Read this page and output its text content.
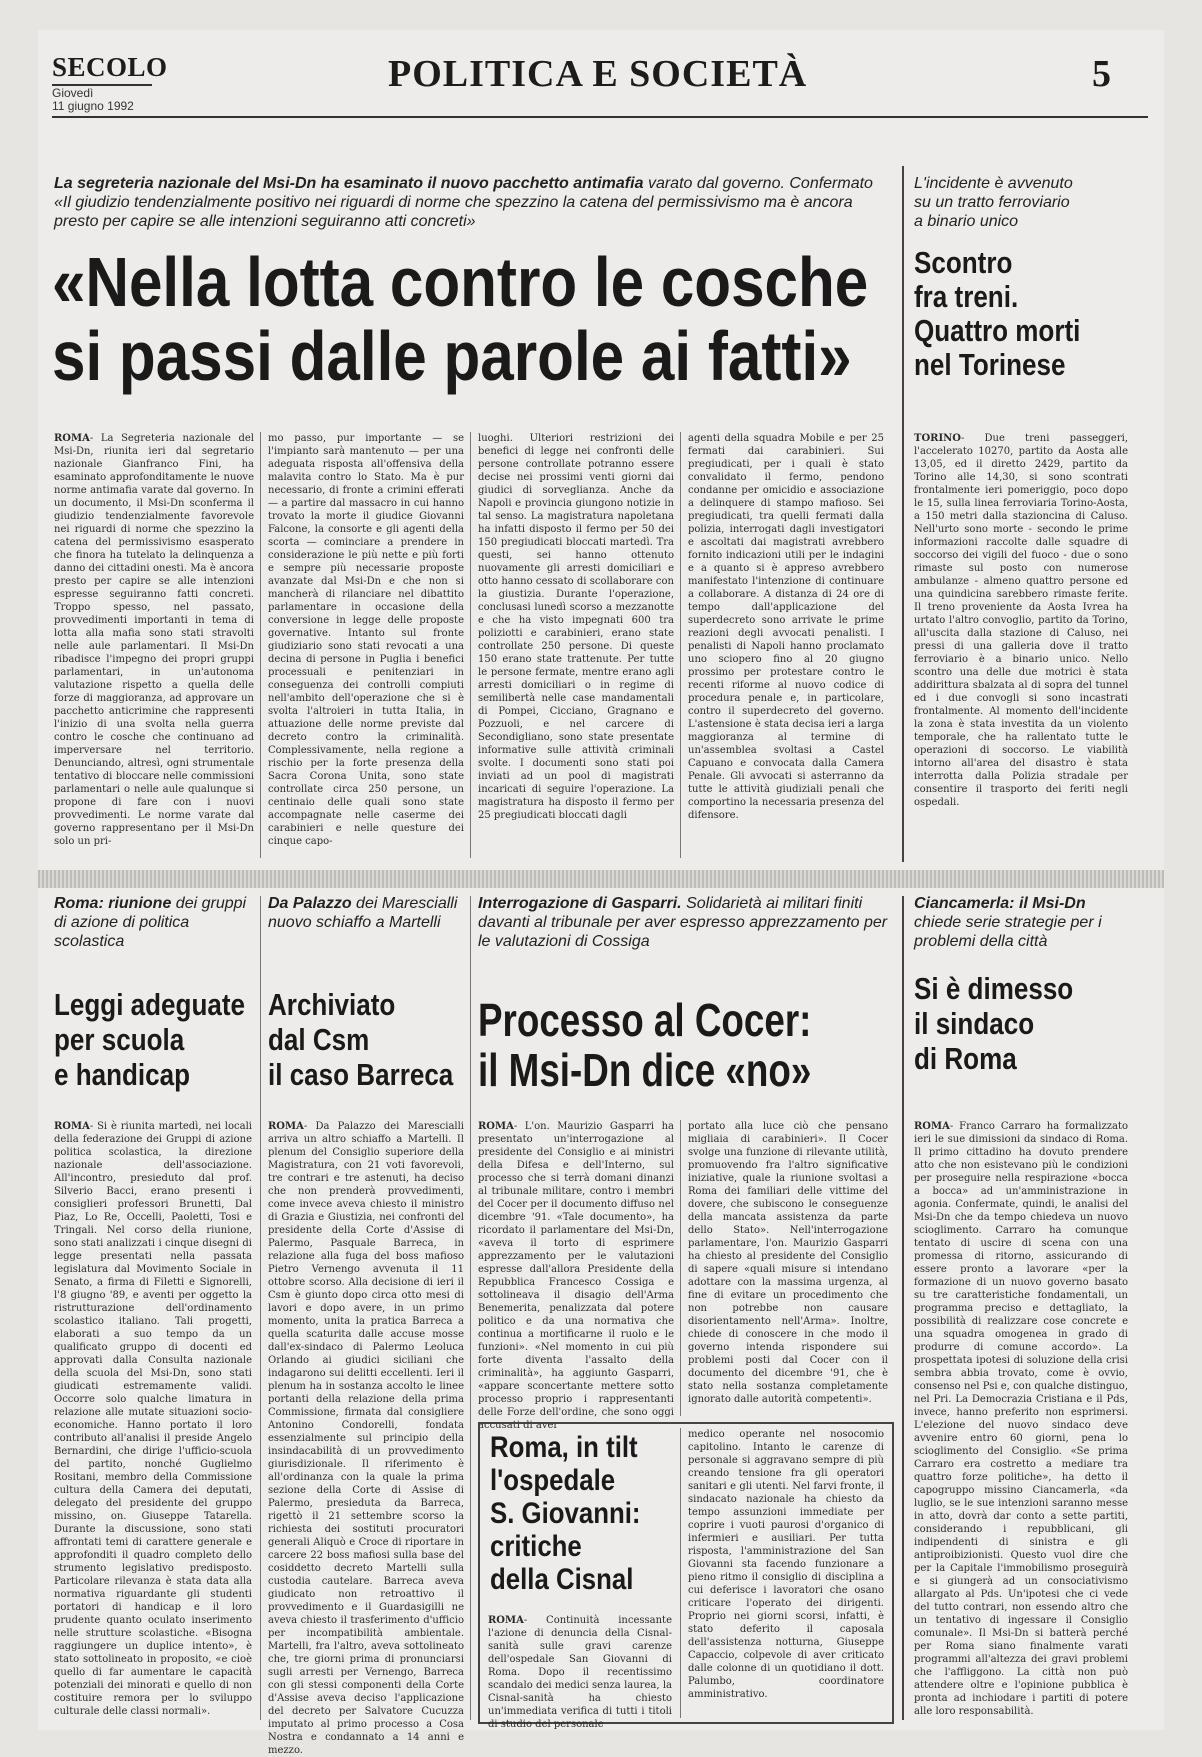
SECOLO
Giovedì
11 giugno 1992
POLITICA E SOCIETÀ	5
La segreteria nazionale del Msi-Dn ha esaminato il nuovo pacchetto antimafia varato dal governo. Confermato «Il giudizio tendenzialmente positivo nei riguardi di norme che spezzino la catena del permissivismo ma è ancora presto per capire se alle intenzioni seguiranno atti concreti»
«Nella lotta contro le cosche
si passi dalle parole ai fatti»
ROMA- La Segreteria nazionale del Msi-Dn, riunita ieri dal segretario nazionale Gianfranco Fini, ha esaminato approfonditamente le nuove norme antimafia varate dal governo. In un documento, il Msi-Dn sconferma il giudizio tendenzialmente favorevole nei riguardi di norme che spezzino la catena del permissivismo esasperato che finora ha tutelato la delinquenza a danno dei cittadini onesti. Ma è ancora presto per capire se alle intenzioni espresse seguiranno fatti concreti. Troppo spesso, nel passato, provvedimenti importanti in tema di lotta alla mafia sono stati stravolti nelle aule parlamentari. Il Msi-Dn ribadisce l'impegno dei propri gruppi parlamentari, in un'autonoma valutazione rispetto a quella delle forze di maggioranza, ad approvare un pacchetto anticrimine che rappresenti l'inizio di una svolta nella guerra contro le cosche che continuano ad imperversare nel territorio. Denunciando, altresì, ogni strumentale tentativo di bloccare nelle commissioni parlamentari o nelle aule qualunque si propone di fare con i nuovi provvedimenti. Le norme varate dal governo rappresentano per il Msi-Dn solo un pri-
mo passo, pur importante — se l'impianto sarà mantenuto — per una adeguata risposta all'offensiva della malavita contro lo Stato. Ma è pur necessario, di fronte a crimini efferati — a partire dal massacro in cui hanno trovato la morte il giudice Giovanni Falcone, la consorte e gli agenti della scorta — cominciare a prendere in considerazione le più nette e più forti e sempre più necessarie proposte avanzate dal Msi-Dn e che non si mancherà di rilanciare nel dibattito parlamentare in occasione della conversione in legge delle proposte governative. Intanto sul fronte giudiziario sono stati revocati a una decina di persone in Puglia i benefici processuali e penitenziari in conseguenza dei controlli compiuti nell'ambito dell'operazione che si è svolta l'altroieri in tutta Italia, in attuazione delle norme previste dal decreto contro la criminalità. Complessivamente, nella regione a rischio per la forte presenza della Sacra Corona Unita, sono state controllate circa 250 persone, un centinaio delle quali sono state accompagnate nelle caserme dei carabinieri e nelle questure dei cinque capo-
luoghi. Ulteriori restrizioni dei benefici di legge nei confronti delle persone controllate potranno essere decise nei prossimi venti giorni dai giudici di sorveglianza. Anche da Napoli e provincia giungono notizie in tal senso. La magistratura napoletana ha infatti disposto il fermo per 50 dei 150 pregiudicati bloccati martedì. Tra questi, sei hanno ottenuto nuovamente gli arresti domiciliari e otto hanno cessato di scollaborare con la giustizia. Durante l'operazione, conclusasi lunedì scorso a mezzanotte e che ha visto impegnati 600 tra poliziotti e carabinieri, erano state controllate 250 persone. Di queste 150 erano state trattenute. Per tutte le persone fermate, mentre erano agli arresti domiciliari o in regime di semilibertà nelle case mandamentali di Pompei, Cicciano, Gragnano e Pozzuoli, e nel carcere di Secondigliano, sono state presentate informative sulle attività criminali svolte. I documenti sono stati poi inviati ad un pool di magistrati incaricati di seguire l'operazione. La magistratura ha disposto il fermo per 25 pregiudicati bloccati dagli
agenti della squadra Mobile e per 25 fermati dai carabinieri. Sui pregiudicati, per i quali è stato convalidato il fermo, pendono condanne per omicidio e associazione a delinquere di stampo mafioso. Sei pregiudicati, tra quelli fermati dalla polizia, interrogati dagli investigatori e ascoltati dai magistrati avrebbero fornito indicazioni utili per le indagini e a quanto si è appreso avrebbero manifestato l'intenzione di continuare a collaborare. A distanza di 24 ore di tempo dall'applicazione del superdecreto sono arrivate le prime reazioni degli avvocati penalisti. I penalisti di Napoli hanno proclamato uno sciopero fino al 20 giugno prossimo per protestare contro le recenti riforme al nuovo codice di procedura penale e, in particolare, contro il superdecreto del governo. L'astensione è stata decisa ieri a larga maggioranza al termine di un'assemblea svoltasi a Castel Capuano e convocata dalla Camera Penale. Gli avvocati si asterranno da tutte le attività giudiziali penali che comportino la necessaria presenza del difensore.
L'incidente è avvenuto
su un tratto ferroviario
a binario unico
Scontro
fra treni.
Quattro morti
nel Torinese
TORINO- Due treni passeggeri, l'accelerato 10270, partito da Aosta alle 13,05, ed il diretto 2429, partito da Torino alle 14,30, si sono scontrati frontalmente ieri pomeriggio, poco dopo le 15, sulla linea ferroviaria Torino-Aosta, a 150 metri dalla stazioncina di Caluso. Nell'urto sono morte - secondo le prime informazioni raccolte dalle squadre di soccorso dei vigili del fuoco - due o sono rimaste sul posto con numerose ambulanze - almeno quattro persone ed una quindicina sarebbero rimaste ferite. Il treno proveniente da Aosta Ivrea ha urtato l'altro convoglio, partito da Torino, all'uscita dalla stazione di Caluso, nei pressi di una galleria dove il tratto ferroviario è a binario unico. Nello scontro una delle due motrici è stata addirittura sbalzata al di sopra del tunnel ed i due convogli si sono incastrati frontalmente. Al momento dell'incidente la zona è stata investita da un violento temporale, che ha rallentato tutte le operazioni di soccorso. Le viabilità intorno all'area del disastro è stata interrotta dalla Polizia stradale per consentire il trasporto dei feriti negli ospedali.
Roma: riunione dei gruppi di azione di politica scolastica
Leggi adeguate
per scuola
e handicap
ROMA- Si è riunita martedì, nei locali della federazione dei Gruppi di azione politica scolastica, la direzione nazionale dell'associazione. All'incontro, presieduto dal prof. Silverio Bacci, erano presenti i consiglieri professori Brunetti, Dal Piaz, Lo Re, Occelli, Paoletti, Tosi e Tringali. Nel corso della riunione, sono stati analizzati i cinque disegni di legge presentati nella passata legislatura dal Movimento Sociale in Senato, a firma di Filetti e Signorelli, l'8 giugno '89, e aventi per oggetto la ristrutturazione dell'ordinamento scolastico italiano. Tali progetti, elaborati a suo tempo da un qualificato gruppo di docenti ed approvati dalla Consulta nazionale della scuola del Msi-Dn, sono stati giudicati estremamente validi. Occorre solo qualche limatura in relazione alle mutate situazioni socio-economiche. Hanno portato il loro contributo all'analisi il preside Angelo Bernardini, che dirige l'ufficio-scuola del partito, nonché Guglielmo Rositani, membro della Commissione cultura della Camera dei deputati, delegato del presidente del gruppo missino, on. Giuseppe Tatarella. Durante la discussione, sono stati affrontati temi di carattere generale e approfonditi il quadro completo dello strumento legislativo predisposto. Particolare rilevanza è stata data alla normativa riguardante gli studenti portatori di handicap e il loro prudente quanto oculato inserimento nelle strutture scolastiche. «Bisogna raggiungere un duplice intento», è stato sottolineato in proposito, «e cioè quello di far aumentare le capacità potenziali dei minorati e quello di non costituire remora per lo sviluppo culturale delle classi normali».
Da Palazzo dei Marescialli nuovo schiaffo a Martelli
Archiviato
dal Csm
il caso Barreca
ROMA- Da Palazzo dei Marescialli arriva un altro schiaffo a Martelli. Il plenum del Consiglio superiore della Magistratura, con 21 voti favorevoli, tre contrari e tre astenuti, ha deciso che non prenderà provvedimenti, come invece aveva chiesto il ministro di Grazia e Giustizia, nei confronti del presidente della Corte d'Assise di Palermo, Pasquale Barreca, in relazione alla fuga del boss mafioso Pietro Vernengo avvenuta il 11 ottobre scorso. Alla decisione di ieri il Csm è giunto dopo circa otto mesi di lavori e dopo avere, in un primo momento, unita la pratica Barreca a quella scaturita dalle accuse mosse dall'ex-sindaco di Palermo Leoluca Orlando ai giudici siciliani che indagarono sui delitti eccellenti. Ieri il plenum ha in sostanza accolto le linee portanti della relazione della prima Commissione, firmata dal consigliere Antonino Condorelli, fondata essenzialmente sul principio della insindacabilità di un provvedimento giurisdizionale. Il riferimento è all'ordinanza con la quale la prima sezione della Corte di Assise di Palermo, presieduta da Barreca, rigettò il 21 settembre scorso la richiesta dei sostituti procuratori generali Aliquò e Croce di riportare in carcere 22 boss mafiosi sulla base del cosiddetto decreto Martelli sulla custodia cautelare. Barreca aveva giudicato non retroattivo il provvedimento e il Guardasigilli ne aveva chiesto il trasferimento d'ufficio per incompatibilità ambientale. Martelli, fra l'altro, aveva sottolineato che, tre giorni prima di pronunciarsi sugli arresti per Vernengo, Barreca con gli stessi componenti della Corte d'Assise aveva deciso l'applicazione del decreto per Salvatore Cucuzza imputato al primo processo a Cosa Nostra e condannato a 14 anni e mezzo.
Interrogazione di Gasparri. Solidarietà ai militari finiti davanti al tribunale per aver espresso apprezzamento per le valutazioni di Cossiga
Processo al Cocer:
il Msi-Dn dice «no»
ROMA- L'on. Maurizio Gasparri ha presentato un'interrogazione al presidente del Consiglio e ai ministri della Difesa e dell'Interno, sul processo che si terrà domani dinanzi al tribunale militare, contro i membri del Cocer per il documento diffuso nel dicembre '91. «Tale documento», ha ricordato il parlamentare del Msi-Dn, «aveva il torto di esprimere apprezzamento per le valutazioni espresse dall'allora Presidente della Repubblica Francesco Cossiga e sottolineava il disagio dell'Arma Benemerita, penalizzata dal potere politico e da una normativa che continua a mortificarne il ruolo e le funzioni». «Nel momento in cui più forte diventa l'assalto della criminalità», ha aggiunto Gasparri, «appare sconcertante mettere sotto processo proprio i rappresentanti delle Forze dell'ordine, che sono oggi accusati di aver
portato alla luce ciò che pensano migliaia di carabinieri». Il Cocer svolge una funzione di rilevante utilità, promuovendo fra l'altro significative iniziative, quale la riunione svoltasi a Roma dei familiari delle vittime del dovere, che subiscono le conseguenze della mancata assistenza da parte dello Stato». Nell'interrogazione parlamentare, l'on. Maurizio Gasparri ha chiesto al presidente del Consiglio di sapere «quali misure si intendano adottare con la massima urgenza, al fine di evitare un procedimento che non potrebbe non causare disorientamento nell'Arma». Inoltre, chiede di conoscere in che modo il governo intenda rispondere sui problemi posti dal Cocer con il documento del dicembre '91, che è stato nella sostanza completamente ignorato dalle autorità competenti».
Roma, in tilt
l'ospedale
S. Giovanni:
critiche
della Cisnal
ROMA- Continuità incessante l'azione di denuncia della Cisnal-sanità sulle gravi carenze dell'ospedale San Giovanni di Roma. Dopo il recentissimo scandalo dei medici senza laurea, la Cisnal-sanità ha chiesto un'immediata verifica di tutti i titoli di studio del personale
medico operante nel nosocomio capitolino. Intanto le carenze di personale si aggravano sempre di più creando tensione fra gli operatori sanitari e gli utenti. Nel farvi fronte, il sindacato nazionale ha chiesto da tempo assunzioni immediate per coprire i vuoti paurosi d'organico di infermieri e ausiliari. Per tutta risposta, l'amministrazione del San Giovanni sta facendo funzionare a pieno ritmo il consiglio di disciplina a cui deferisce i lavoratori che osano criticare l'operato dei dirigenti. Proprio nei giorni scorsi, infatti, è stato deferito il caposala dell'assistenza notturna, Giuseppe Capaccio, colpevole di aver criticato dalle colonne di un quotidiano il dott. Palumbo, coordinatore amministrativo.
Ciancamerla: il Msi-Dn chiede serie strategie per i problemi della città
Si è dimesso
il sindaco
di Roma
ROMA- Franco Carraro ha formalizzato ieri le sue dimissioni da sindaco di Roma. Il primo cittadino ha dovuto prendere atto che non esistevano più le condizioni per proseguire nella respirazione «bocca a bocca» ad un'amministrazione in agonia. Confermate, quindi, le analisi del Msi-Dn che da tempo chiedeva un nuovo scioglimento. Carraro ha comunque tentato di uscire di scena con una promessa di ritorno, assicurando di essere pronto a lavorare «per la formazione di un nuovo governo basato su tre caratteristiche fondamentali, un programma preciso e dettagliato, la possibilità di realizzare cose concrete e una squadra omogenea in grado di produrre di comune accordo». La prospettata ipotesi di soluzione della crisi sembra abbia trovato, come è ovvio, consenso nel Psi e, con qualche distinguo, nel Pri. La Democrazia Cristiana e il Pds, invece, hanno preferito non esprimersi. L'elezione del nuovo sindaco deve avvenire entro 60 giorni, pena lo scioglimento del Consiglio. «Se prima Carraro era costretto a mediare tra quattro forze politiche», ha detto il capogruppo missino Ciancamerla, «da luglio, se le sue intenzioni saranno messe in atto, dovrà dar conto a sette partiti, considerando i repubblicani, gli indipendenti di sinistra e gli antiproibizionisti. Questo vuol dire che per la Capitale l'immobilismo proseguirà e si giungerà ad un consociativismo allargato al Pds. Un'ipotesi che ci vede del tutto contrari, non essendo altro che un tentativo di ingessare il Consiglio comunale». Il Msi-Dn si batterà perché per Roma siano finalmente varati programmi all'altezza dei gravi problemi che l'affliggono. La città non può attendere oltre e l'opinione pubblica è pronta ad inchiodare i partiti di potere alle loro responsabilità.
